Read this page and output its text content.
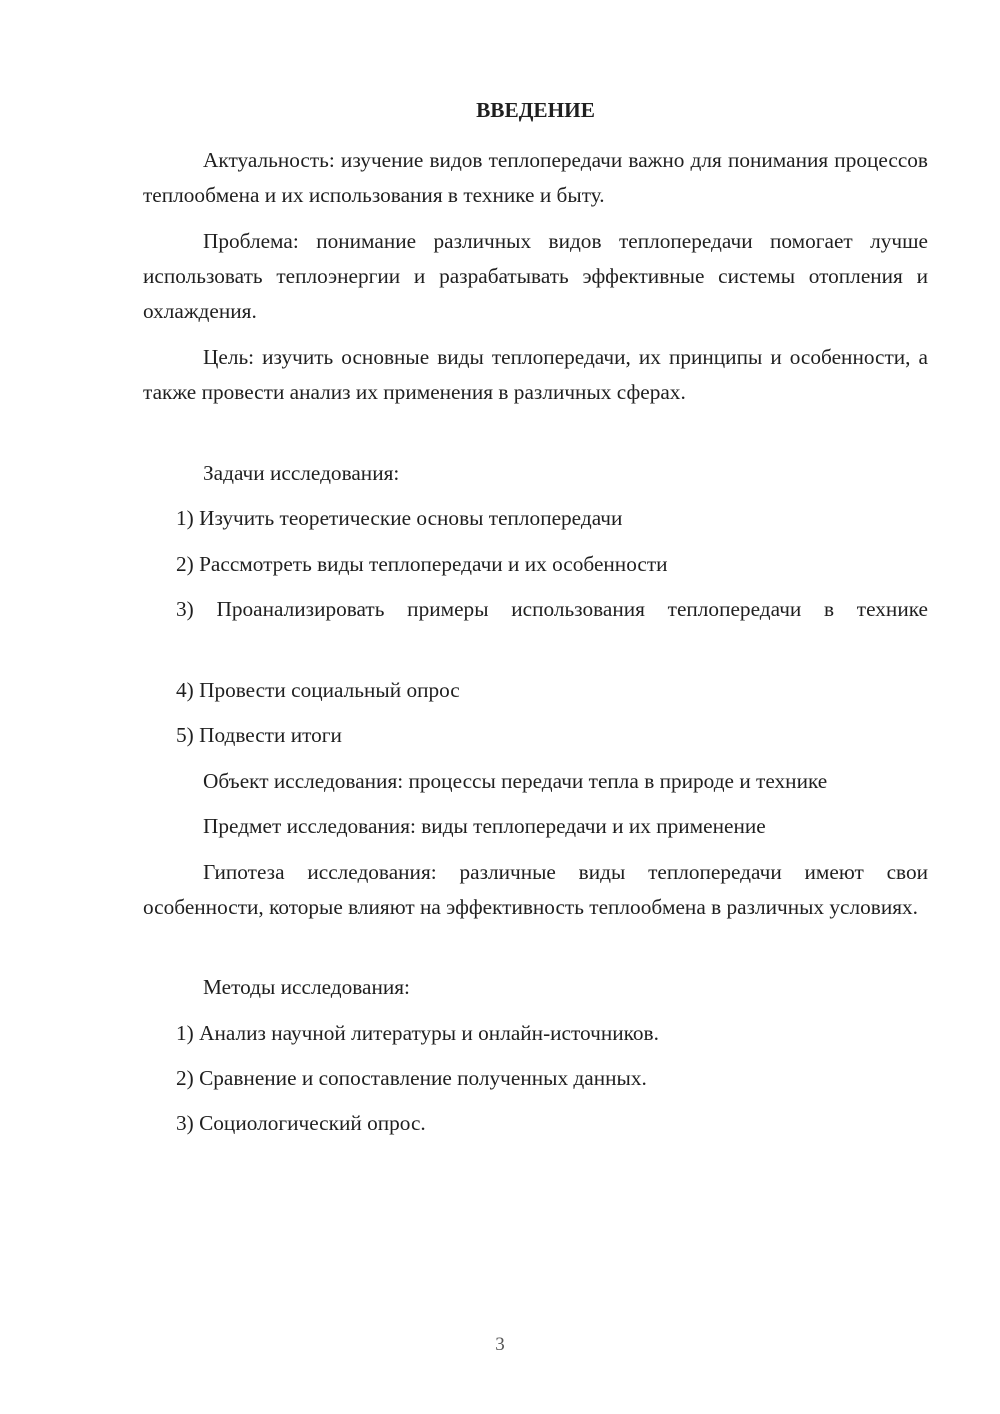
ВВЕДЕНИЕ
Актуальность: изучение видов теплопередачи важно для понимания процессов теплообмена и их использования в технике и быту.
Проблема: понимание различных видов теплопередачи помогает лучше использовать теплоэнергии и разрабатывать эффективные системы отопления и охлаждения.
Цель: изучить основные виды теплопередачи, их принципы и особенности, а также провести анализ их применения в различных сферах.
Задачи исследования:
1) Изучить теоретические основы теплопередачи
2) Рассмотреть виды теплопередачи и их особенности
3) Проанализировать примеры использования теплопередачи в технике
4) Провести социальный опрос
5) Подвести итоги
Объект исследования: процессы передачи тепла в природе и технике
Предмет исследования: виды теплопередачи и их применение
Гипотеза исследования: различные виды теплопередачи имеют свои особенности, которые влияют на эффективность теплообмена в различных условиях.
Методы исследования:
1) Анализ научной литературы и онлайн-источников.
2) Сравнение и сопоставление полученных данных.
3) Социологический опрос.
3
